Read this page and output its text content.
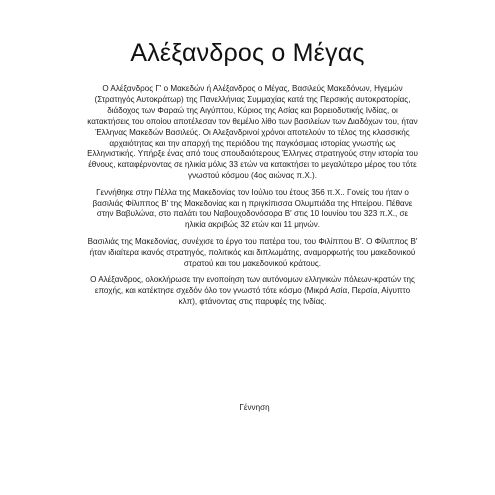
Αλέξανδρος ο Μέγας

Ο Αλέξανδρος Γ' ο Μακεδών ή Αλέξανδρος ο Μέγας, Βασιλεύς Μακεδόνων, Ηγεμών (Στρατηγός Αυτοκράτωρ) της Πανελλήνιας Συμμαχίας κατά της Περσικής αυτοκρατορίας, διάδοχος των Φαραώ της Αιγύπτου, Κύριος της Ασίας και βορειοδυτικής Ινδίας, οι κατακτήσεις του οποίου αποτέλεσαν τον θεμέλιο λίθο των βασιλείων των Διαδόχων του, ήταν Έλληνας Μακεδών Βασιλεύς. Οι Αλεξανδρινοί χρόνοι αποτελούν το τέλος της κλασσικής αρχαιότητας και την απαρχή της περιόδου της παγκόσμιας ιστορίας γνωστής ως Ελληνιστικής. Υπήρξε ένας από τους σπουδαιότερους Έλληνες στρατηγούς στην ιστορία του έθνους, καταφέρνοντας σε ηλικία μόλις 33 ετών να κατακτήσει το μεγαλύτερο μέρος του τότε γνωστού κόσμου (4ος αιώνας π.Χ.).

Γεννήθηκε στην Πέλλα της Μακεδονίας τον Ιούλιο του έτους 356 π.Χ.. Γονείς του ήταν ο βασιλιάς Φίλιππος Β' της Μακεδονίας και η πριγκίπισσα Ολυμπιάδα της Ηπείρου. Πέθανε στην Βαβυλώνα, στο παλάτι του Ναβουχοδονόσορα Β' στις 10 Ιουνίου του 323 π.Χ., σε ηλικία ακριβώς 32 ετών και 11 μηνών.

Βασιλιάς της Μακεδονίας, συνέχισε το έργο του πατέρα του, του Φιλίππου Β'. Ο Φίλιππος Β' ήταν ιδιαίτερα ικανός στρατηγός, πολιτικός και διπλωμάτης, αναμορφωτής του μακεδονικού στρατού και του μακεδονικού κράτους.

Ο Αλέξανδρος, ολοκλήρωσε την ενοποίηση των αυτόνομων ελληνικών πόλεων-κρατών της εποχής, και κατέκτησε σχεδόν όλο τον γνωστό τότε κόσμο (Μικρά Ασία, Περσία, Αίγυπτο κλπ), φτάνοντας στις παρυφές της Ινδίας.

Γέννηση
